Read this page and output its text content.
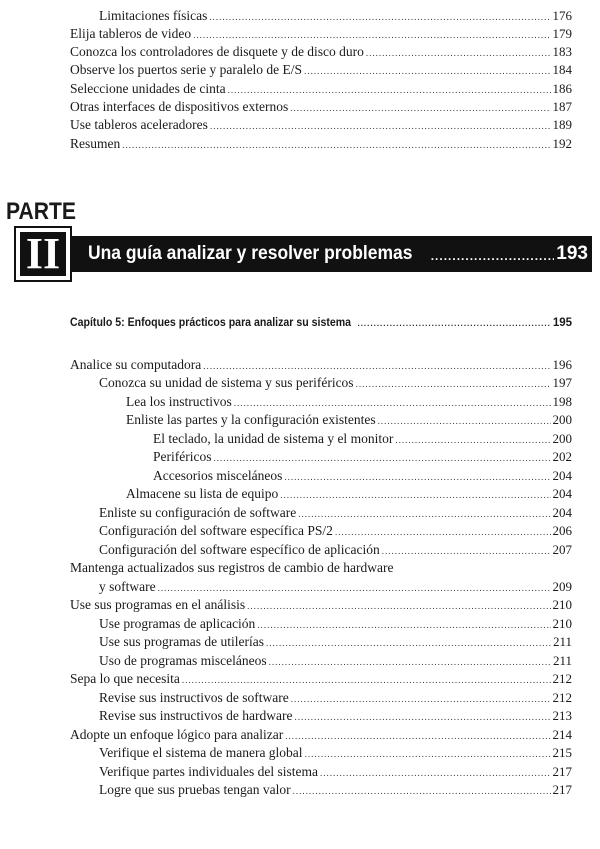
Limitaciones físicas .....	176
Elija tableros de video .....	179
Conozca los controladores de disquete y de disco duro .....	183
Observe los puertos serie y paralelo de E/S .....	184
Seleccione unidades de cinta .....	186
Otras interfaces de dispositivos externos .....	187
Use tableros aceleradores .....	189
Resumen .....	192
PARTE
II Una guía analizar y resolver problemas .....	193
Capítulo 5: Enfoques prácticos para analizar su sistema .....	195
Analice su computadora .....	196
Conozca su unidad de sistema y sus periféricos .....	197
Lea los instructivos .....	198
Enliste las partes y la configuración existentes .....	200
El teclado, la unidad de sistema y el monitor .....	200
Periféricos .....	202
Accesorios misceláneos .....	204
Almacene su lista de equipo .....	204
Enliste su configuración de software .....	204
Configuración del software específica PS/2 .....	206
Configuración del software específico de aplicación .....	207
Mantenga actualizados sus registros de cambio de hardware
y software .....	209
Use sus programas en el análisis .....	210
Use programas de aplicación .....	210
Use sus programas de utilerías .....	211
Uso de programas misceláneos .....	211
Sepa lo que necesita .....	212
Revise sus instructivos de software .....	212
Revise sus instructivos de hardware .....	213
Adopte un enfoque lógico para analizar .....	214
Verifique el sistema de manera global .....	215
Verifique partes individuales del sistema .....	217
Logre que sus pruebas tengan valor .....	217
